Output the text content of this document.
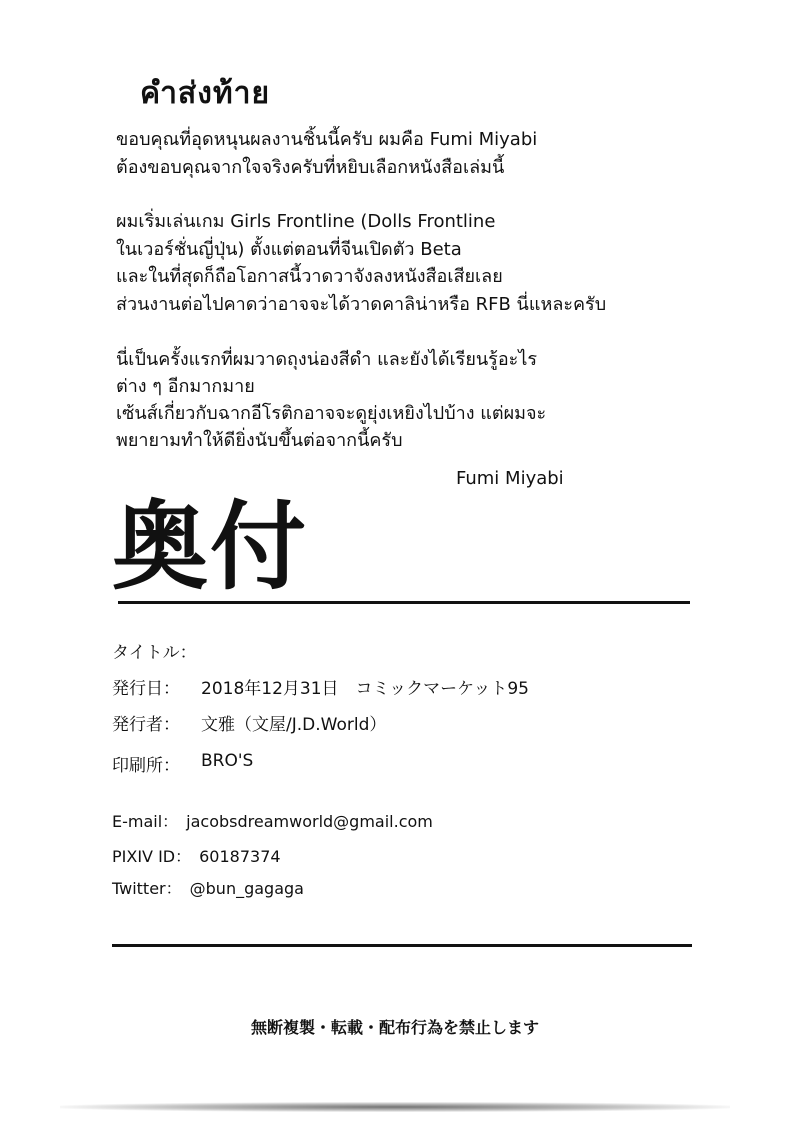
คำส่งท้าย
ขอบคุณที่อุดหนุนผลงานชิ้นนี้ครับ ผมคือ Fumi Miyabi
ต้องขอบคุณจากใจจริงครับที่หยิบเลือกหนังสือเล่มนี้
ผมเริ่มเล่นเกม Girls Frontline (Dolls Frontline
ในเวอร์ชั่นญี่ปุ่น) ตั้งแต่ตอนที่จีนเปิดตัว Beta
และในที่สุดก็ถือโอกาสนี้วาดวาจังลงหนังสือเสียเลย
ส่วนงานต่อไปคาดว่าอาจจะได้วาดคาลิน่าหรือ RFB นี่แหละครับ
นี่เป็นครั้งแรกที่ผมวาดถุงน่องสีดำ และยังได้เรียนรู้อะไร
ต่าง ๆ อีกมากมาย
เซ้นส์เกี่ยวกับฉากอีโรติกอาจจะดูยุ่งเหยิงไปบ้าง แต่ผมจะ
พยายามทำให้ดียิ่งนับขึ้นต่อจากนี้ครับ
Fumi Miyabi
奥付
タイトル：
発行日： 2018年12月31日　コミックマーケット95
発行者： 文雅（文屋/J.D.World）
印刷所： BRO'S
E-mail： jacobsdreamworld@gmail.com
PIXIV ID： 60187374
Twitter： @bun_gagaga
無断複製・転載・配布行為を禁止します
